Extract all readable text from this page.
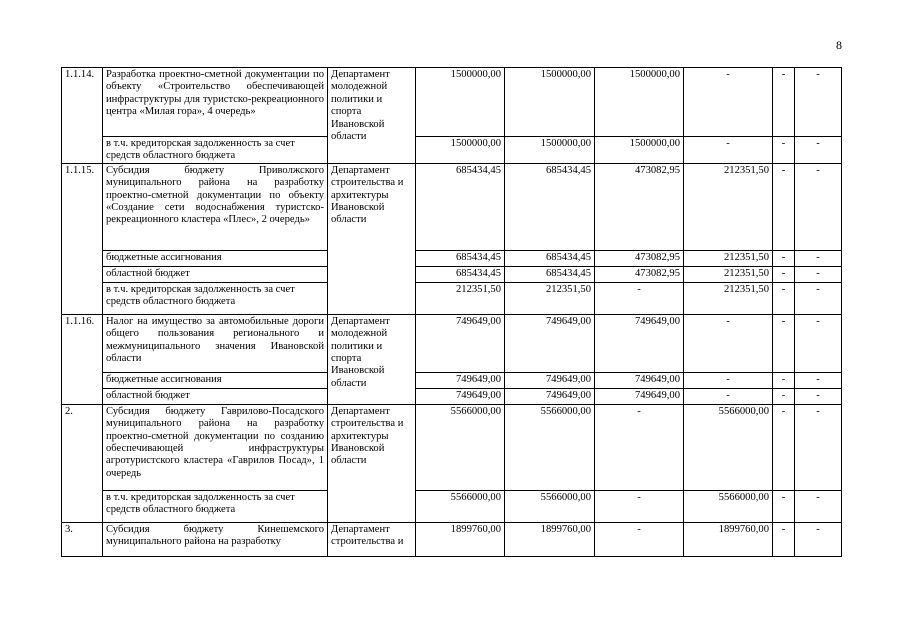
8
1.1.14.	Разработка проектно-сметной документации по объекту «Строительство обеспечивающей инфраструктуры для туристско-рекреационного центра «Милая гора», 4 очередь»	Департамент молодежной политики и спорта Ивановской области	1500000,00	1500000,00	1500000,00	-	-	-
	в т.ч. кредиторская задолженность за счет средств областного бюджета		1500000,00	1500000,00	1500000,00	-	-	-
1.1.15.	Субсидия бюджету Приволжского муниципального района на разработку проектно-сметной документации по объекту «Создание сети водоснабжения туристско-рекреационного кластера «Плес», 2 очередь»	Департамент строительства и архитектуры Ивановской области	685434,45	685434,45	473082,95	212351,50	-	-
	бюджетные ассигнования		685434,45	685434,45	473082,95	212351,50	-	-
	областной бюджет		685434,45	685434,45	473082,95	212351,50	-	-
	в т.ч. кредиторская задолженность за счет средств областного бюджета		212351,50	212351,50	-	212351,50	-	-
1.1.16.	Налог на имущество за автомобильные дороги общего пользования регионального и межмуниципального значения Ивановской области	Департамент молодежной политики и спорта Ивановской области	749649,00	749649,00	749649,00	-	-	-
	бюджетные ассигнования		749649,00	749649,00	749649,00	-	-	-
	областной бюджет		749649,00	749649,00	749649,00	-	-	-
2.	Субсидия бюджету Гаврилово-Посадского муниципального района на разработку проектно-сметной документации по созданию обеспечивающей инфраструктуры агротуристского кластера «Гаврилов Посад», 1 очередь	Департамент строительства и архитектуры Ивановской области	5566000,00	5566000,00	-	5566000,00	-	-
	в т.ч. кредиторская задолженность за счет средств областного бюджета		5566000,00	5566000,00	-	5566000,00	-	-
3.	Субсидия бюджету Кинешемского муниципального района на разработку	Департамент строительства и	1899760,00	1899760,00	-	1899760,00	-	-
